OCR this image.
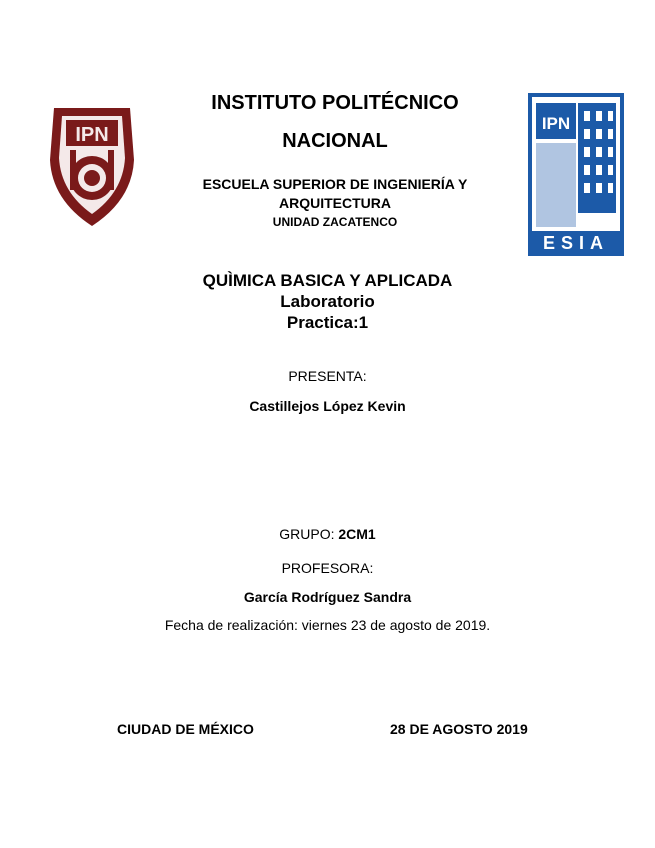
IPN
IPN
ESIA
INSTITUTO POLITÉCNICO
NACIONAL
ESCUELA SUPERIOR DE INGENIERÍA Y
ARQUITECTURA
UNIDAD ZACATENCO
QUÌMICA BASICA Y APLICADA
Laboratorio
Practica:1
PRESENTA:
Castillejos López Kevin
GRUPO: 2CM1
PROFESORA:
García Rodríguez Sandra
Fecha de realización: viernes 23 de agosto de 2019.
CIUDAD DE MÉXICO	28 DE AGOSTO 2019
